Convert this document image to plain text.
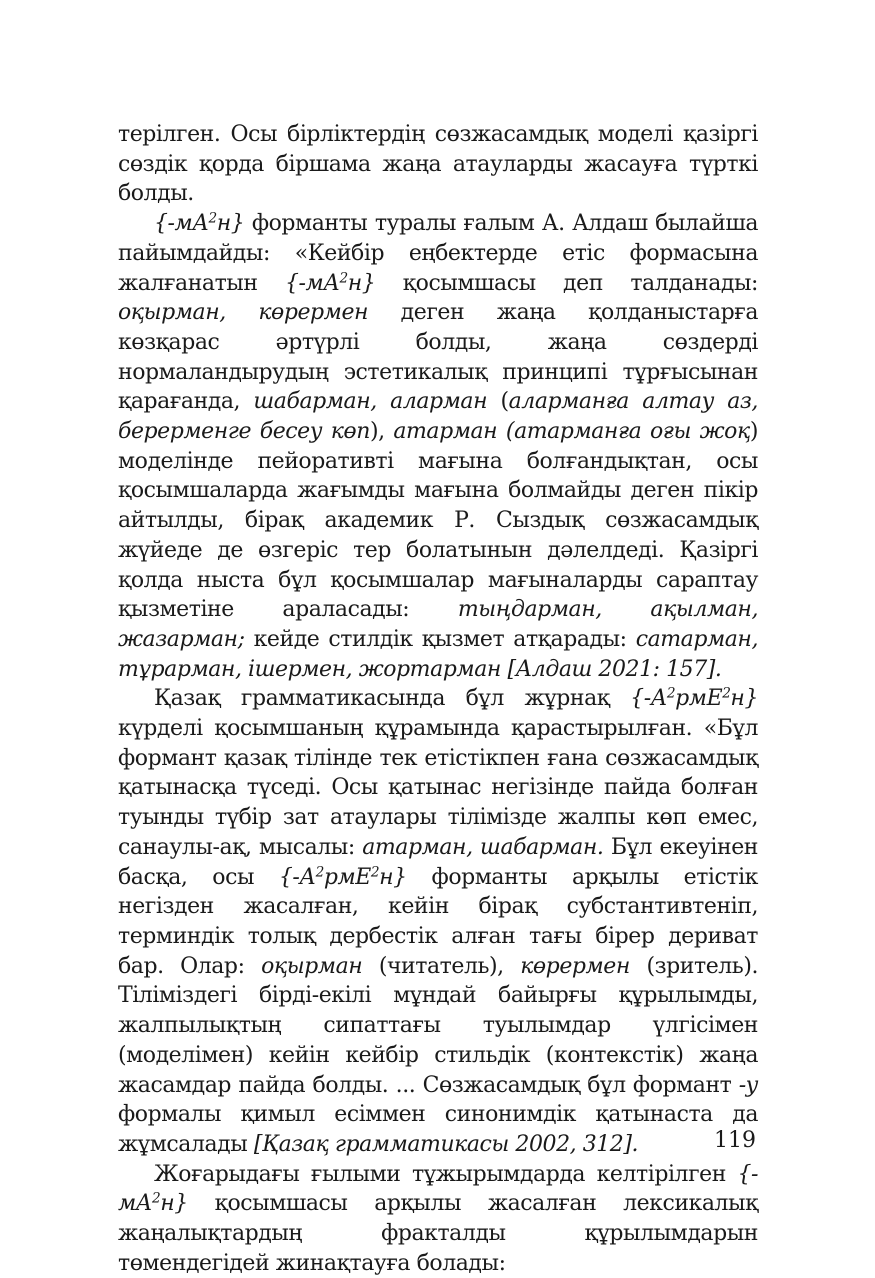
терілген. Осы бірліктердің сөзжасамдық моделі қазіргі сөздік қорда біршама жаңа атауларды жасауға түрткі болды.

$\{-мА^2н\}$ форманты туралы ғалым А. Алдаш былайша пайымдайды: «Кейбір еңбектерде етіс формасына жалғанатын $\{-мА^2н\}$ қосымшасы деп талданады: оқырман, көрермен деген жаңа қолданыстарға көзқарас әртүрлі болды, жаңа сөздерді нормаландырудың эстетикалық принципі тұрғысынан қарағанда, шабарман, аларман (аларманға алтау аз, берерменге бесеу көп), атарман (атарманға оғы жоқ) моделінде пейоративті мағына болғандықтан, осы қосымшаларда жағымды мағына болмайды деген пікір айтылды, бірақ академик Р. Сыздық сөзжасамдық жүйеде де өзгеріс тер болатынын дәлелдеді. Қазіргі қолда ныста бұл қосымшалар мағыналарды сараптау қызметіне араласады: тыңдарман, ақылман, жазарман; кейде стилдік қызмет атқарады: сатарман, тұрарман, ішермен, жортарман [Алдаш 2021: 157].

Қазақ грамматикасында бұл жұрнақ $\{-А^2рмЕ^2н\}$ күрделі қосымшаның құрамында қарастырылған. «Бұл формант қазақ тілінде тек етістікпен ғана сөзжасамдық қатынасқа түседі. Осы қатынас негізінде пайда болған туынды түбір зат атаулары тілімізде жалпы көп емес, санаулы-ақ, мысалы: атарман, шабарман. Бұл екеуінен басқа, осы $\{-А^2рмЕ^2н\}$ форманты арқылы етістік негізден жасалған, кейін бірақ субстантивтеніп, терминдік толық дербестік алған тағы бірер дериват бар. Олар: оқырман (читатель), көрермен (зритель). Тіліміздегі бірді-екілі мұндай байырғы құрылымды, жалпылықтың сипаттағы туылымдар үлгісімен (моделімен) кейін кейбір стильдік (контекстік) жаңа жасамдар пайда болды. ... Сөзжасамдық бұл формант -у формалы қимыл есіммен синонимдік қатынаста да жұмсалады [Қазақ грамматикасы 2002, 312].

Жоғарыдағы ғылыми тұжырымдарда келтірілген $\{-мА^2н\}$ қосымшасы арқылы жасалған лексикалық жаңалықтардың фракталды құрылымдарын төмендегідей жинақтауға болады:

119
